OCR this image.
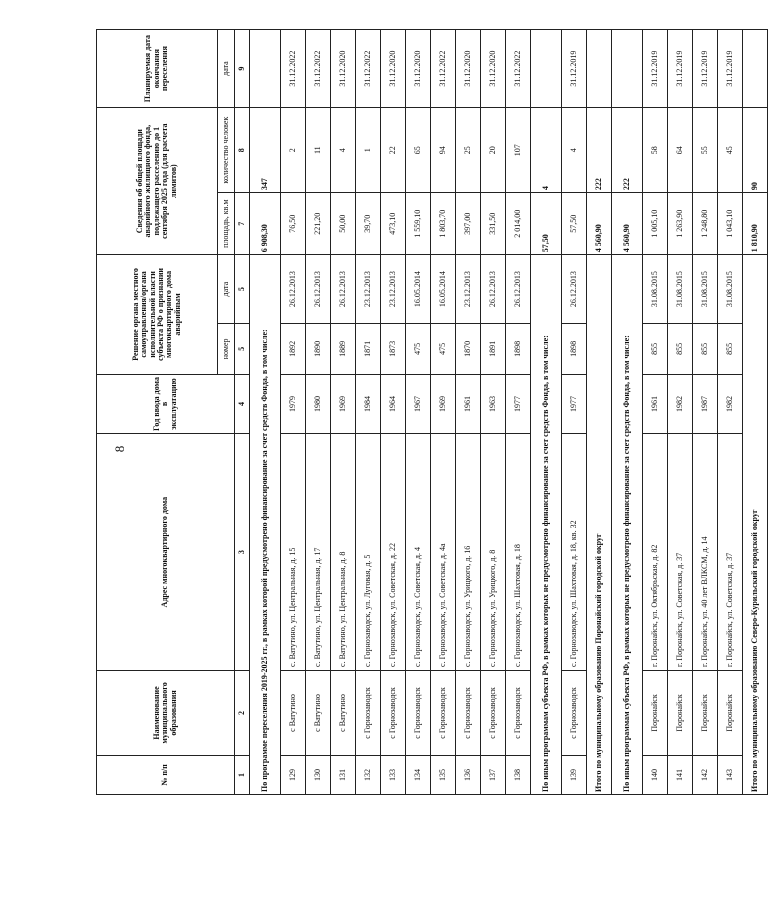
8
№ п/п	Наименование муниципального образования	Адрес многоквартирного дома	Год ввода дома в эксплуатацию	Решение органа местного самоуправления/органа исполнительной власти субъекта РФ о признании многоквартирного дома аварийным		Сведения об общей площади аварийного жилищного фонда, подлежащего расселению до 1 сентября 2025 года (для расчета лимитов)		Планируемая дата окончания переселения
				номер	дата	площадь, кв.м	количество человек	дата
1	2	3	4	5	5	7	8	9
По программе переселения 2019-2025 гг., в рамках которой предусмотрено финансирование за счет средств Фонда, в том числе:						6 908,30	347	
129	с Ватутино	с. Ватутино, ул. Центральная, д. 15	1979	1892	26.12.2013	76,50	2	31.12.2022
130	с Ватутино	с. Ватутино, ул. Центральная, д. 17	1980	1890	26.12.2013	221,20	11	31.12.2022
131	с Ватутино	с. Ватутино, ул. Центральная, д. 8	1969	1889	26.12.2013	50,00	4	31.12.2020
132	с Горнозаводск	с. Горнозаводск, ул. Луговая, д. 5	1984	1871	23.12.2013	39,70	1	31.12.2022
133	с Горнозаводск	с. Горнозаводск, ул. Советская, д. 22	1964	1873	23.12.2013	473,10	22	31.12.2020
134	с Горнозаводск	с. Горнозаводск, ул. Советская, д. 4	1967	475	16.05.2014	1 559,10	65	31.12.2020
135	с Горнозаводск	с. Горнозаводск, ул. Советская, д. 4а	1969	475	16.05.2014	1 803,70	94	31.12.2022
136	с Горнозаводск	с. Горнозаводск, ул. Урицкого, д. 16	1961	1870	23.12.2013	397,00	25	31.12.2020
137	с Горнозаводск	с. Горнозаводск, ул. Урицкого, д. 8	1963	1891	26.12.2013	331,50	20	31.12.2020
138	с Горнозаводск	с. Горнозаводск, ул. Шахтовая, д. 18	1977	1898	26.12.2013	2 014,00	107	31.12.2022
По иным программам субъекта РФ, в рамках которых не предусмотрено финансирование за счет средств Фонда, в том числе:						57,50	4	
139	с Горнозаводск	с. Горнозаводск, ул. Шахтовая, д. 18, кв. 32	1977	1898	26.12.2013	57,50	4	31.12.2019
Итого по муниципальному образованию Поронайский городской округ						4 560,90	222	
По иным программам субъекта РФ, в рамках которых не предусмотрено финансирование за счет средств Фонда, в том числе:						4 560,90	222	
140	Поронайск	г. Поронайск, ул. Октябрьская, д. 82	1961	855	31.08.2015	1 005,10	58	31.12.2019
141	Поронайск	г. Поронайск, ул. Советская, д. 37	1982	855	31.08.2015	1 263,90	64	31.12.2019
142	Поронайск	г. Поронайск, ул. 40 лет ВЛКСМ, д. 14	1987	855	31.08.2015	1 248,80	55	31.12.2019
143	Поронайск	г. Поронайск, ул. Советская, д. 37	1982	855	31.08.2015	1 043,10	45	31.12.2019
Итого по муниципальному образованию Северо-Курильский городской округ						1 810,90	90	
